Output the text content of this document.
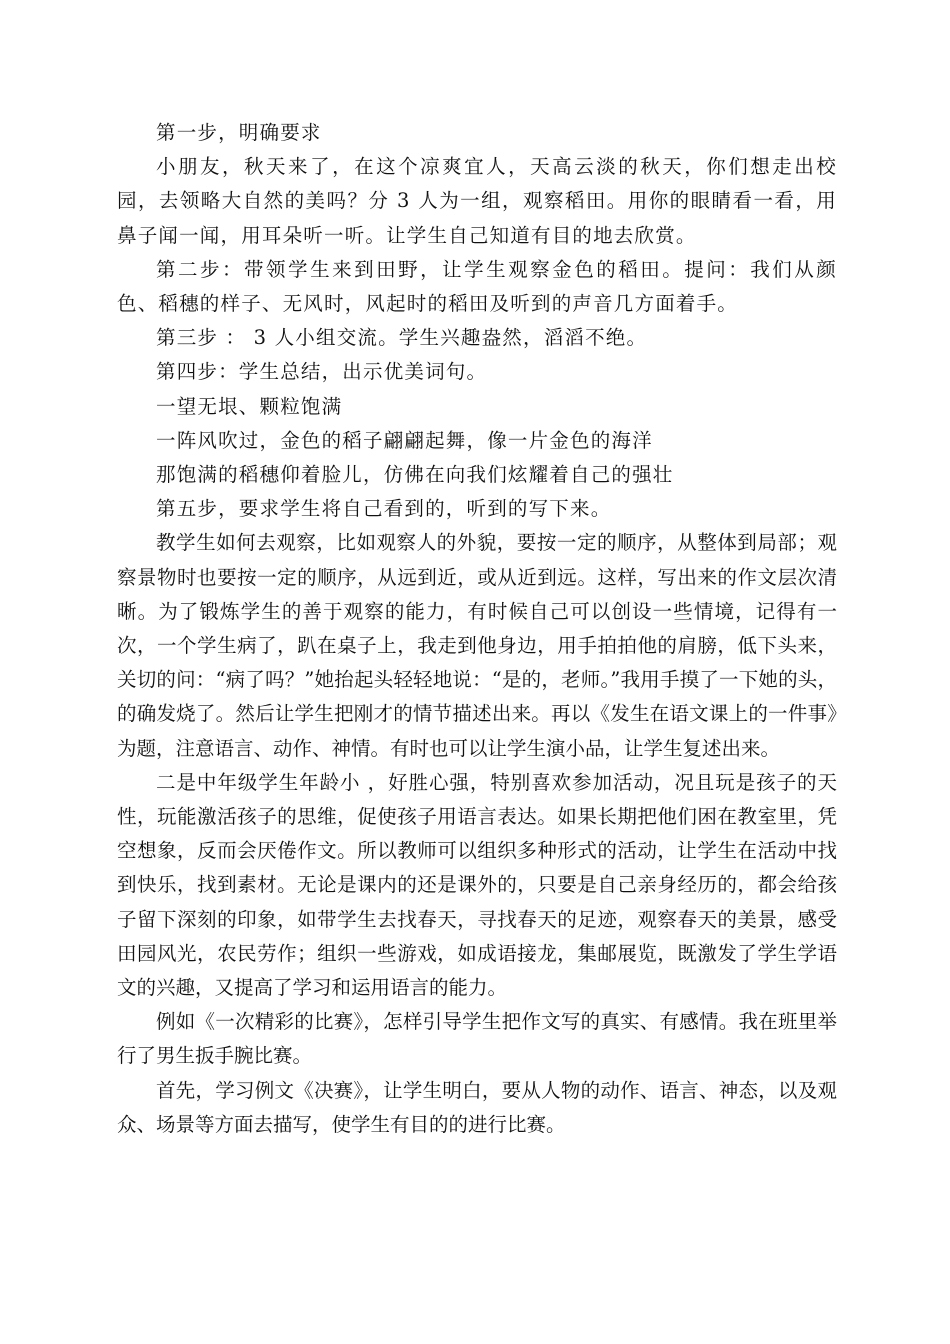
第一步，明确要求

小朋友，秋天来了，在这个凉爽宜人，天高云淡的秋天，你们想走出校园，去领略大自然的美吗？分 3 人为一组，观察稻田。用你的眼睛看一看，用鼻子闻一闻，用耳朵听一听。让学生自己知道有目的地去欣赏。

第二步：带领学生来到田野，让学生观察金色的稻田。提问：我们从颜色、稻穗的样子、无风时，风起时的稻田及听到的声音几方面着手。

第三步 ： 3 人小组交流。学生兴趣盎然，滔滔不绝。

第四步：学生总结，出示优美词句。

一望无垠、颗粒饱满

一阵风吹过，金色的稻子翩翩起舞，像一片金色的海洋

那饱满的稻穗仰着脸儿，仿佛在向我们炫耀着自己的强壮

第五步，要求学生将自己看到的，听到的写下来。

教学生如何去观察，比如观察人的外貌，要按一定的顺序，从整体到局部；观察景物时也要按一定的顺序，从远到近，或从近到远。这样，写出来的作文层次清晰。为了锻炼学生的善于观察的能力，有时候自己可以创设一些情境，记得有一次，一个学生病了，趴在桌子上，我走到他身边，用手拍拍他的肩膀，低下头来，关切的问：“病了吗？”她抬起头轻轻地说：“是的，老师。”我用手摸了一下她的头，的确发烧了。然后让学生把刚才的情节描述出来。再以《发生在语文课上的一件事》为题，注意语言、动作、神情。有时也可以让学生演小品，让学生复述出来。

二是中年级学生年龄小 ，好胜心强，特别喜欢参加活动，况且玩是孩子的天性，玩能激活孩子的思维，促使孩子用语言表达。如果长期把他们困在教室里，凭空想象，反而会厌倦作文。所以教师可以组织多种形式的活动，让学生在活动中找到快乐，找到素材。无论是课内的还是课外的，只要是自己亲身经历的，都会给孩子留下深刻的印象，如带学生去找春天，寻找春天的足迹，观察春天的美景，感受田园风光，农民劳作；组织一些游戏，如成语接龙，集邮展览，既激发了学生学语文的兴趣，又提高了学习和运用语言的能力。

例如《一次精彩的比赛》，怎样引导学生把作文写的真实、有感情。我在班里举行了男生扳手腕比赛。

首先，学习例文《决赛》，让学生明白，要从人物的动作、语言、神态，以及观众、场景等方面去描写，使学生有目的的进行比赛。
